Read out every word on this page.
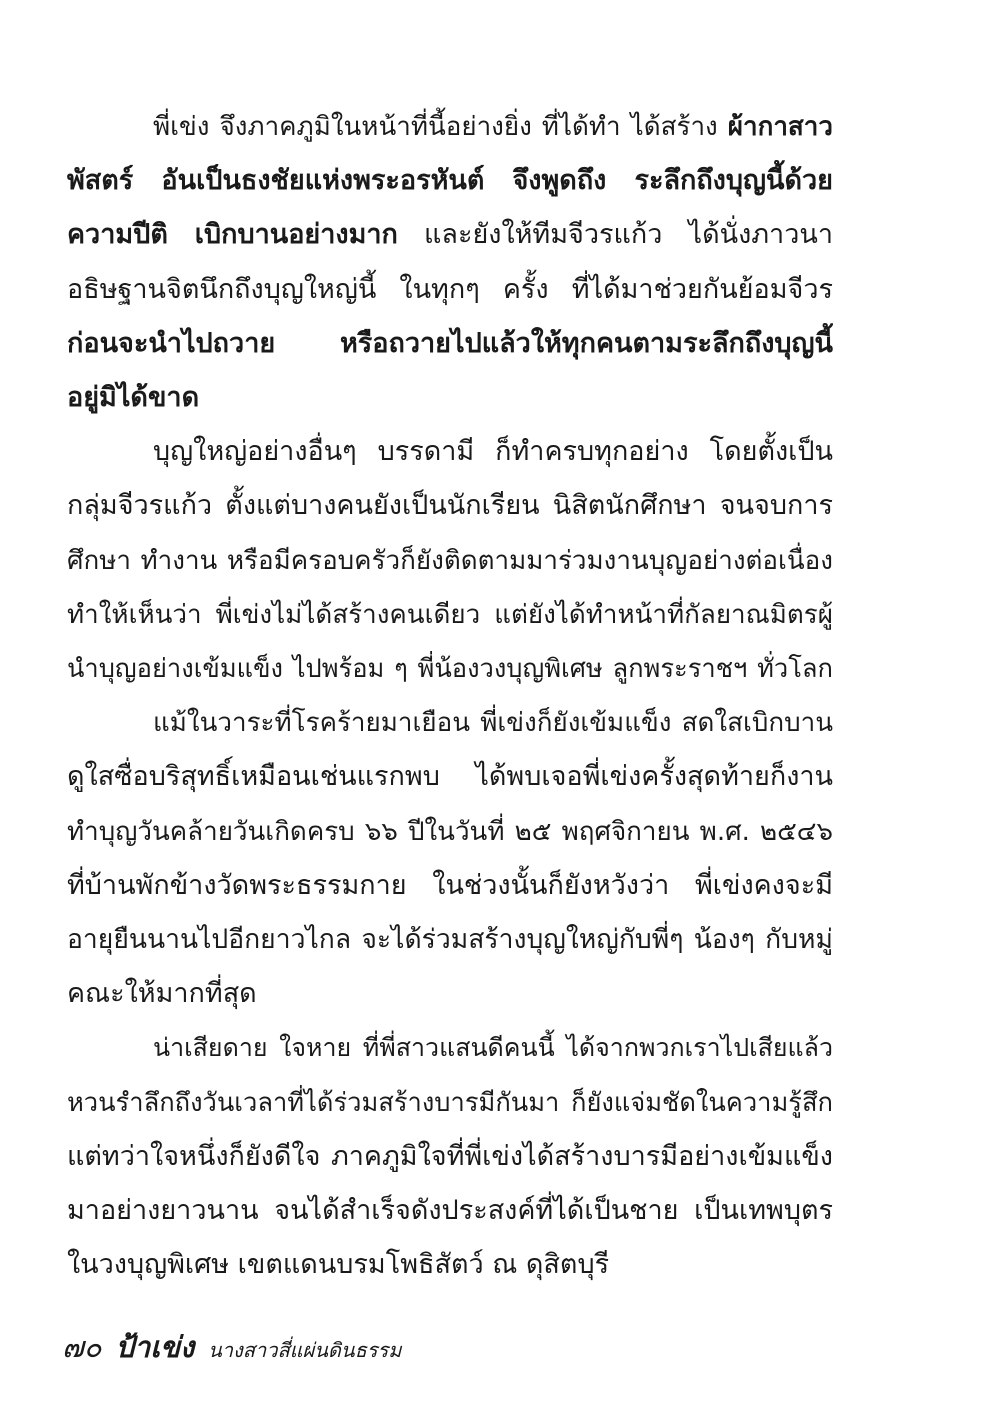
พี่เข่ง จึงภาคภูมิในหน้าที่นี้อย่างยิ่ง ที่ได้ทำ ได้สร้าง ผ้ากาสาว
พัสตร์ อันเป็นธงชัยแห่งพระอรหันต์ จึงพูดถึง ระลึกถึงบุญนี้ด้วย
ความปีติ เบิกบานอย่างมาก และยังให้ทีมจีวรแก้ว ได้นั่งภาวนา
อธิษฐานจิตนึกถึงบุญใหญ่นี้ ในทุกๆ ครั้ง ที่ได้มาช่วยกันย้อมจีวร
ก่อนจะนำไปถวาย หรือถวายไปแล้วให้ทุกคนตามระลึกถึงบุญนี้
อยู่มิได้ขาด
บุญใหญ่อย่างอื่นๆ บรรดามี ก็ทำครบทุกอย่าง โดยตั้งเป็น
กลุ่มจีวรแก้ว ตั้งแต่บางคนยังเป็นนักเรียน นิสิตนักศึกษา จนจบการ
ศึกษา ทำงาน หรือมีครอบครัวก็ยังติดตามมาร่วมงานบุญอย่างต่อเนื่อง
ทำให้เห็นว่า พี่เข่งไม่ได้สร้างคนเดียว แต่ยังได้ทำหน้าที่กัลยาณมิตรผู้
นำบุญอย่างเข้มแข็ง ไปพร้อม ๆ พี่น้องวงบุญพิเศษ ลูกพระราชฯ ทั่วโลก
แม้ในวาระที่โรคร้ายมาเยือน พี่เข่งก็ยังเข้มแข็ง สดใสเบิกบาน
ดูใสซื่อบริสุทธิ์เหมือนเช่นแรกพบ ได้พบเจอพี่เข่งครั้งสุดท้ายก็งาน
ทำบุญวันคล้ายวันเกิดครบ ๖๖ ปีในวันที่ ๒๕ พฤศจิกายน พ.ศ. ๒๕๔๖
ที่บ้านพักข้างวัดพระธรรมกาย ในช่วงนั้นก็ยังหวังว่า พี่เข่งคงจะมี
อายุยืนนานไปอีกยาวไกล จะได้ร่วมสร้างบุญใหญ่กับพี่ๆ น้องๆ กับหมู่
คณะให้มากที่สุด
น่าเสียดาย ใจหาย ที่พี่สาวแสนดีคนนี้ ได้จากพวกเราไปเสียแล้ว
หวนรำลึกถึงวันเวลาที่ได้ร่วมสร้างบารมีกันมา ก็ยังแจ่มชัดในความรู้สึก
แต่ทว่าใจหนึ่งก็ยังดีใจ ภาคภูมิใจที่พี่เข่งได้สร้างบารมีอย่างเข้มแข็ง
มาอย่างยาวนาน จนได้สำเร็จดังประสงค์ที่ได้เป็นชาย เป็นเทพบุตร
ในวงบุญพิเศษ เขตแดนบรมโพธิสัตว์ ณ ดุสิตบุรี
๗๐ ป้าเข่ง นางสาวสี่แผ่นดินธรรม
